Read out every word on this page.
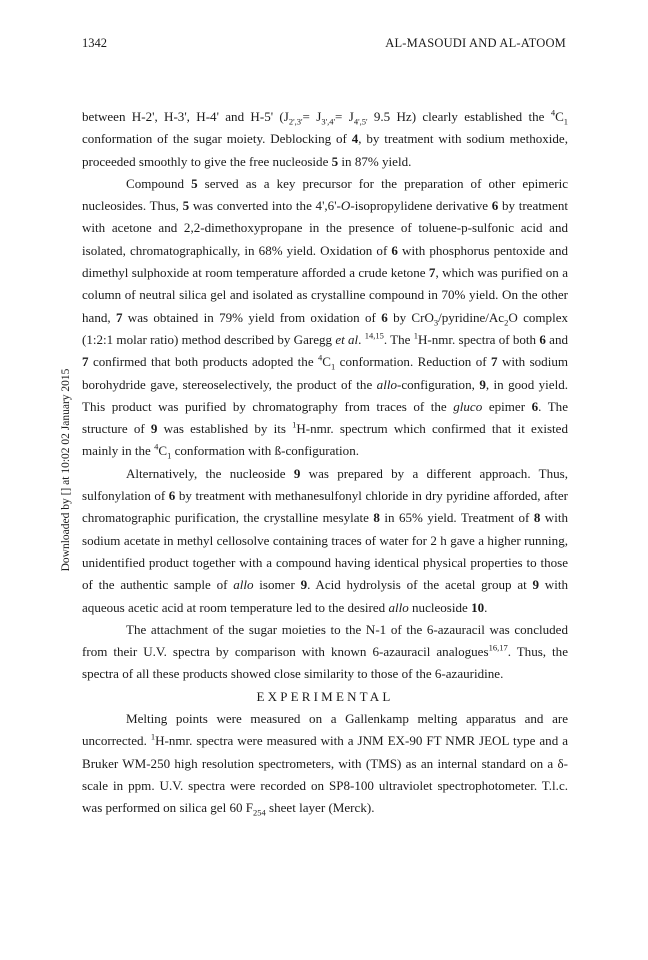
1342	AL-MASOUDI AND AL-ATOOM
Downloaded by [] at 10:02 02 January 2015

between H-2', H-3', H-4' and H-5' ($J_{2',3'}= J_{3',4'}= J_{4',5'}$ 9.5 Hz) clearly established the $^4C_1$ conformation of the sugar moiety. Deblocking of 4, by treatment with sodium methoxide, proceeded smoothly to give the free nucleoside 5 in 87% yield.

Compound 5 served as a key precursor for the preparation of other epimeric nucleosides. Thus, 5 was converted into the 4',6'-O-isopropylidene derivative 6 by treatment with acetone and 2,2-dimethoxypropane in the presence of toluene-p-sulfonic acid and isolated, chromatographically, in 68% yield. Oxidation of 6 with phosphorus pentoxide and dimethyl sulphoxide at room temperature afforded a crude ketone 7, which was purified on a column of neutral silica gel and isolated as crystalline compound in 70% yield. On the other hand, 7 was obtained in 79% yield from oxidation of 6 by $CrO_3/pyridine/Ac_2O$ complex (1:2:1 molar ratio) method described by Garegg et al. $^{14,15}$. The $^1$H-nmr. spectra of both 6 and 7 confirmed that both products adopted the $^4C_1$ conformation. Reduction of 7 with sodium borohydride gave, stereoselectively, the product of the allo-configuration, 9, in good yield. This product was purified by chromatography from traces of the gluco epimer 6. The structure of 9 was established by its $^1$H-nmr. spectrum which confirmed that it existed mainly in the $^4C_1$ conformation with ß-configuration.

Alternatively, the nucleoside 9 was prepared by a different approach. Thus, sulfonylation of 6 by treatment with methanesulfonyl chloride in dry pyridine afforded, after chromatographic purification, the crystalline mesylate 8 in 65% yield. Treatment of 8 with sodium acetate in methyl cellosolve containing traces of water for 2 h gave a higher running, unidentified product together with a compound having identical physical properties to those of the authentic sample of allo isomer 9. Acid hydrolysis of the acetal group at 9 with aqueous acetic acid at room temperature led to the desired allo nucleoside 10.

The attachment of the sugar moieties to the N-1 of the 6-azauracil was concluded from their U.V. spectra by comparison with known 6-azauracil analogues$^{16,17}$. Thus, the spectra of all these products showed close similarity to those of the 6-azauridine.

EXPERIMENTAL

Melting points were measured on a Gallenkamp melting apparatus and are uncorrected. $^1$H-nmr. spectra were measured with a JNM EX-90 FT NMR JEOL type and a Bruker WM-250 high resolution spectrometers, with (TMS) as an internal standard on a δ-scale in ppm. U.V. spectra were recorded on SP8-100 ultraviolet spectrophotometer. T.l.c. was performed on silica gel 60 $F_{254}$ sheet layer (Merck).
